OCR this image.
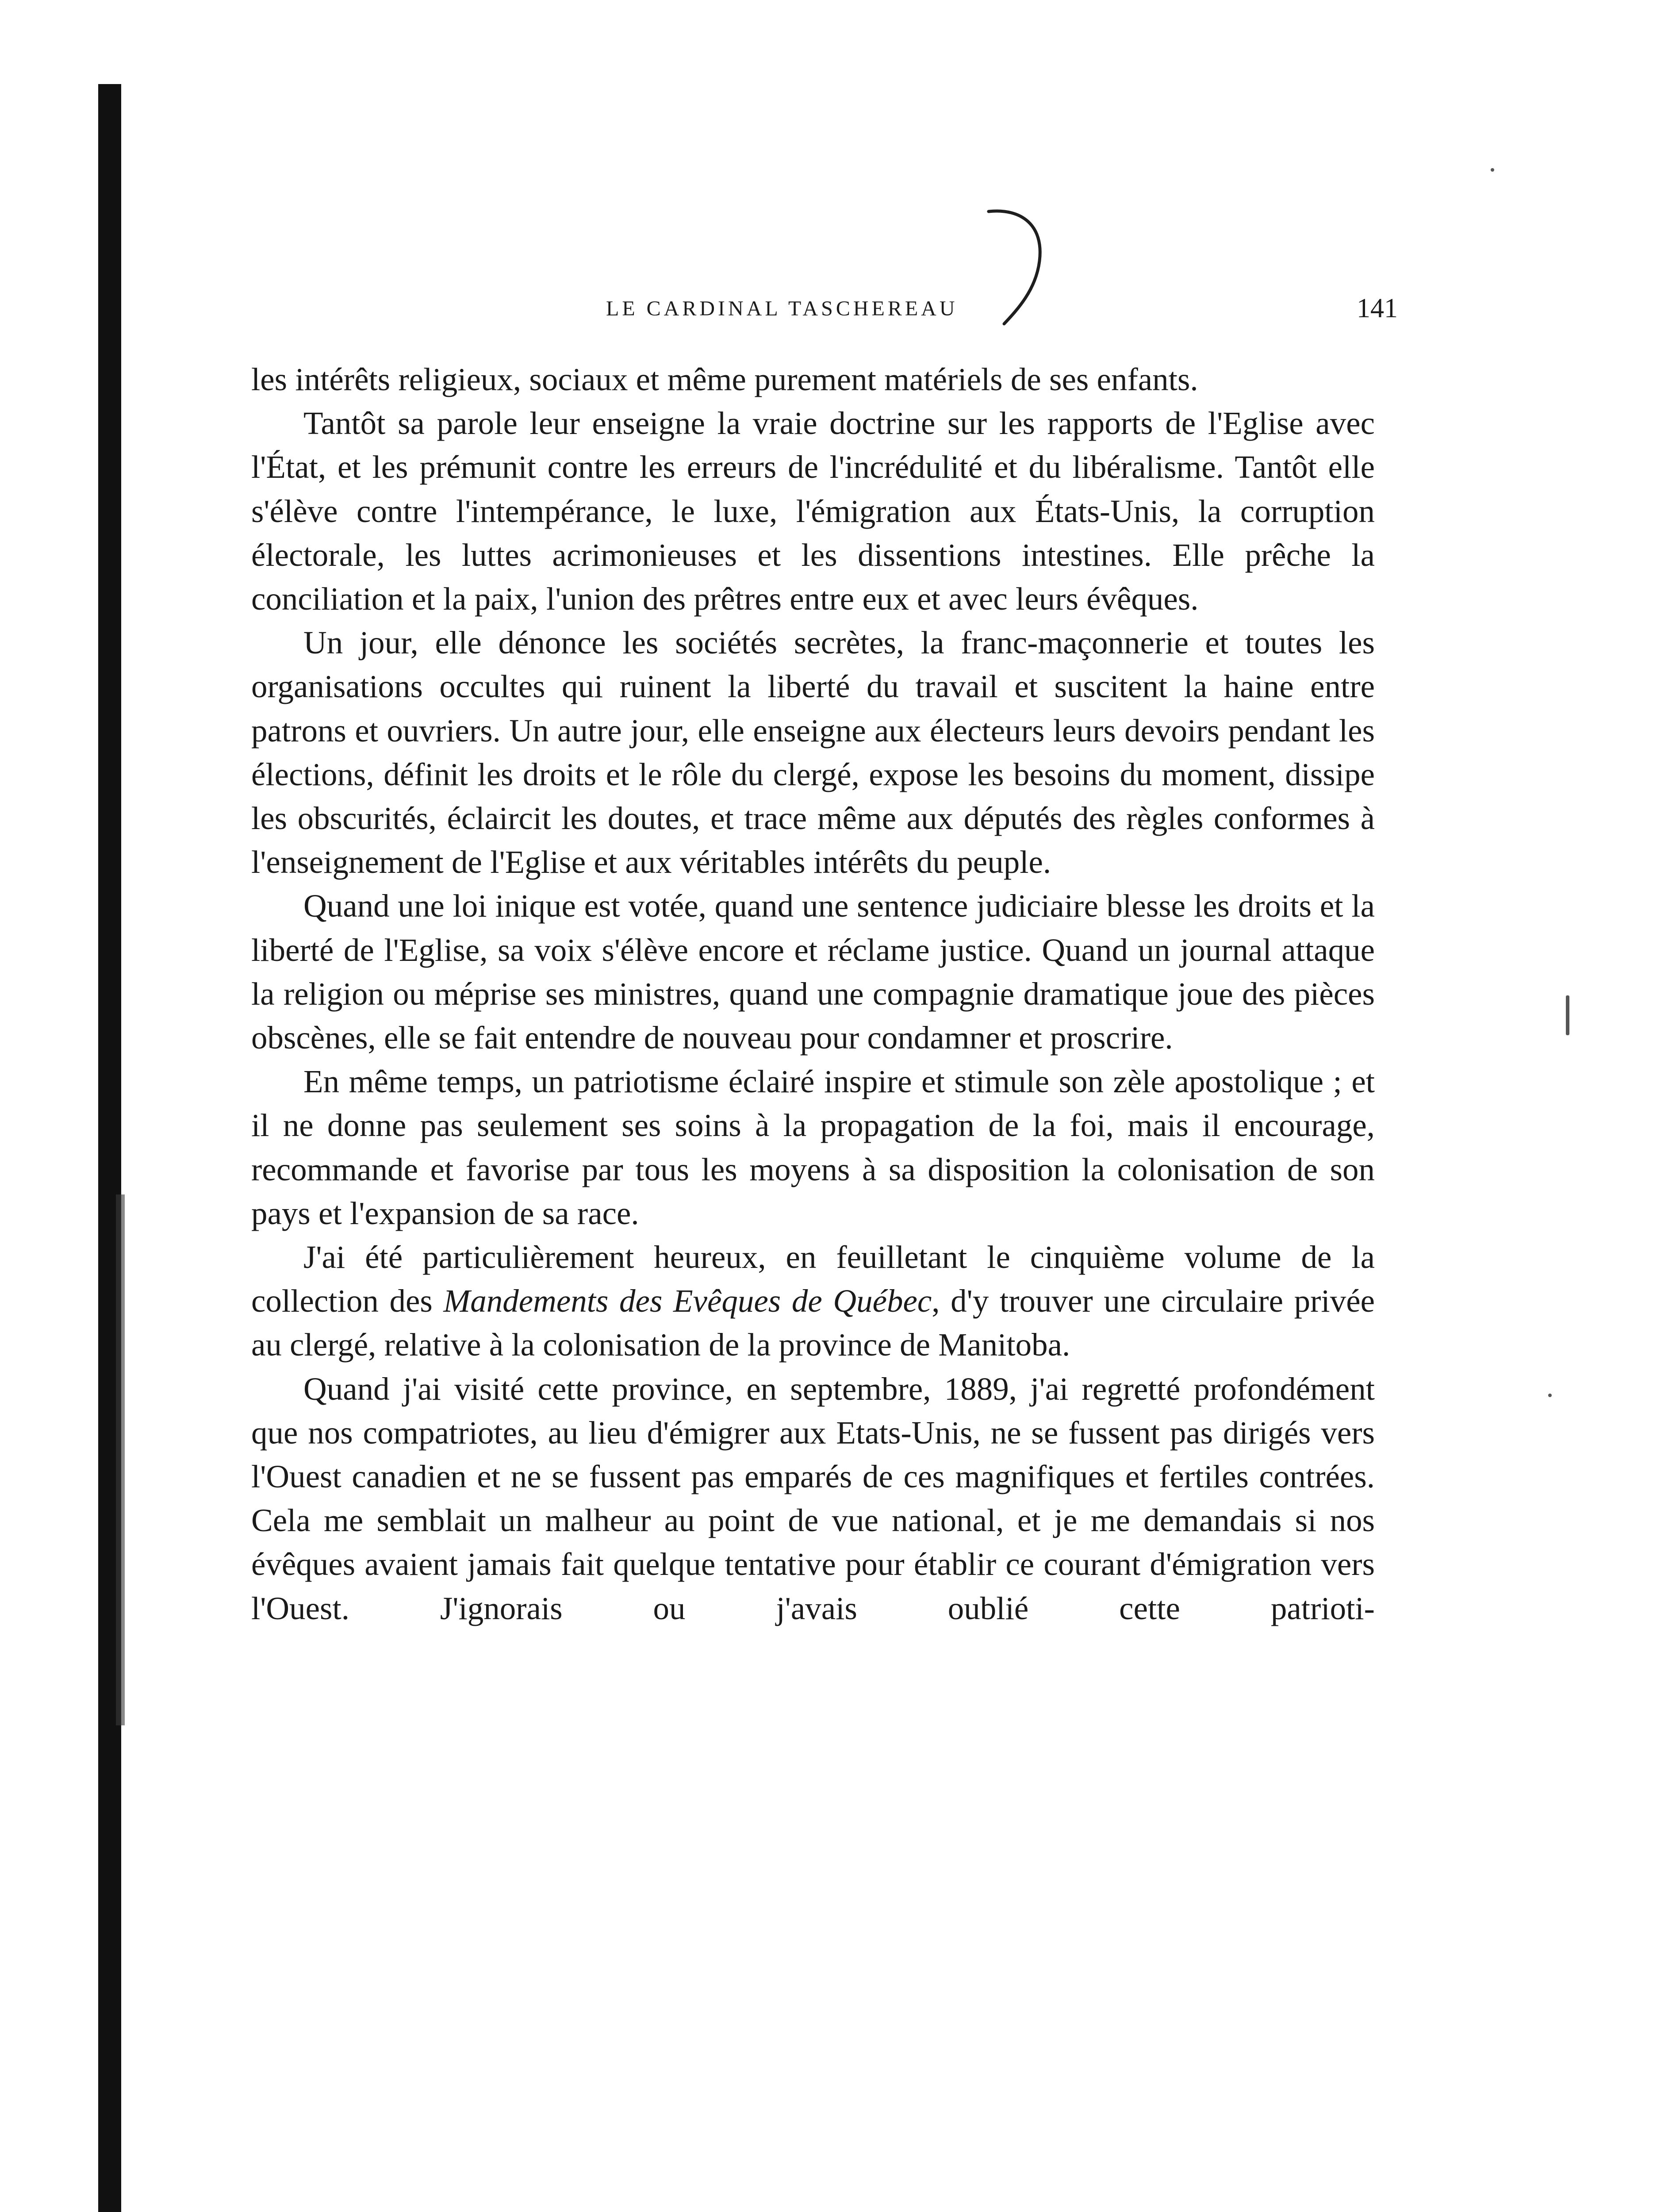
LE CARDINAL TASCHEREAU	141

les intérêts religieux, sociaux et même purement matériels de ses enfants.

Tantôt sa parole leur enseigne la vraie doctrine sur les rapports de l'Eglise avec l'État, et les prémunit contre les erreurs de l'incrédulité et du libéralisme. Tantôt elle s'élève contre l'intempérance, le luxe, l'émigration aux États-Unis, la corruption électorale, les luttes acrimonieuses et les dissentions intestines. Elle prêche la conciliation et la paix, l'union des prêtres entre eux et avec leurs évêques.

Un jour, elle dénonce les sociétés secrètes, la franc-maçonnerie et toutes les organisations occultes qui ruinent la liberté du travail et suscitent la haine entre patrons et ouvriers. Un autre jour, elle enseigne aux électeurs leurs devoirs pendant les élections, définit les droits et le rôle du clergé, expose les besoins du moment, dissipe les obscurités, éclaircit les doutes, et trace même aux députés des règles conformes à l'enseignement de l'Eglise et aux véritables intérêts du peuple.

Quand une loi inique est votée, quand une sentence judiciaire blesse les droits et la liberté de l'Eglise, sa voix s'élève encore et réclame justice. Quand un journal attaque la religion ou méprise ses ministres, quand une compagnie dramatique joue des pièces obscènes, elle se fait entendre de nouveau pour condamner et proscrire.

En même temps, un patriotisme éclairé inspire et stimule son zèle apostolique ; et il ne donne pas seulement ses soins à la propagation de la foi, mais il encourage, recommande et favorise par tous les moyens à sa disposition la colonisation de son pays et l'expansion de sa race.

J'ai été particulièrement heureux, en feuilletant le cinquième volume de la collection des Mandements des Evêques de Québec, d'y trouver une circulaire privée au clergé, relative à la colonisation de la province de Manitoba.

Quand j'ai visité cette province, en septembre, 1889, j'ai regretté profondément que nos compatriotes, au lieu d'émigrer aux Etats-Unis, ne se fussent pas dirigés vers l'Ouest canadien et ne se fussent pas emparés de ces magnifiques et fertiles contrées. Cela me semblait un malheur au point de vue national, et je me demandais si nos évêques avaient jamais fait quelque tentative pour établir ce courant d'émigration vers l'Ouest. J'ignorais ou j'avais oublié cette patrioti-
